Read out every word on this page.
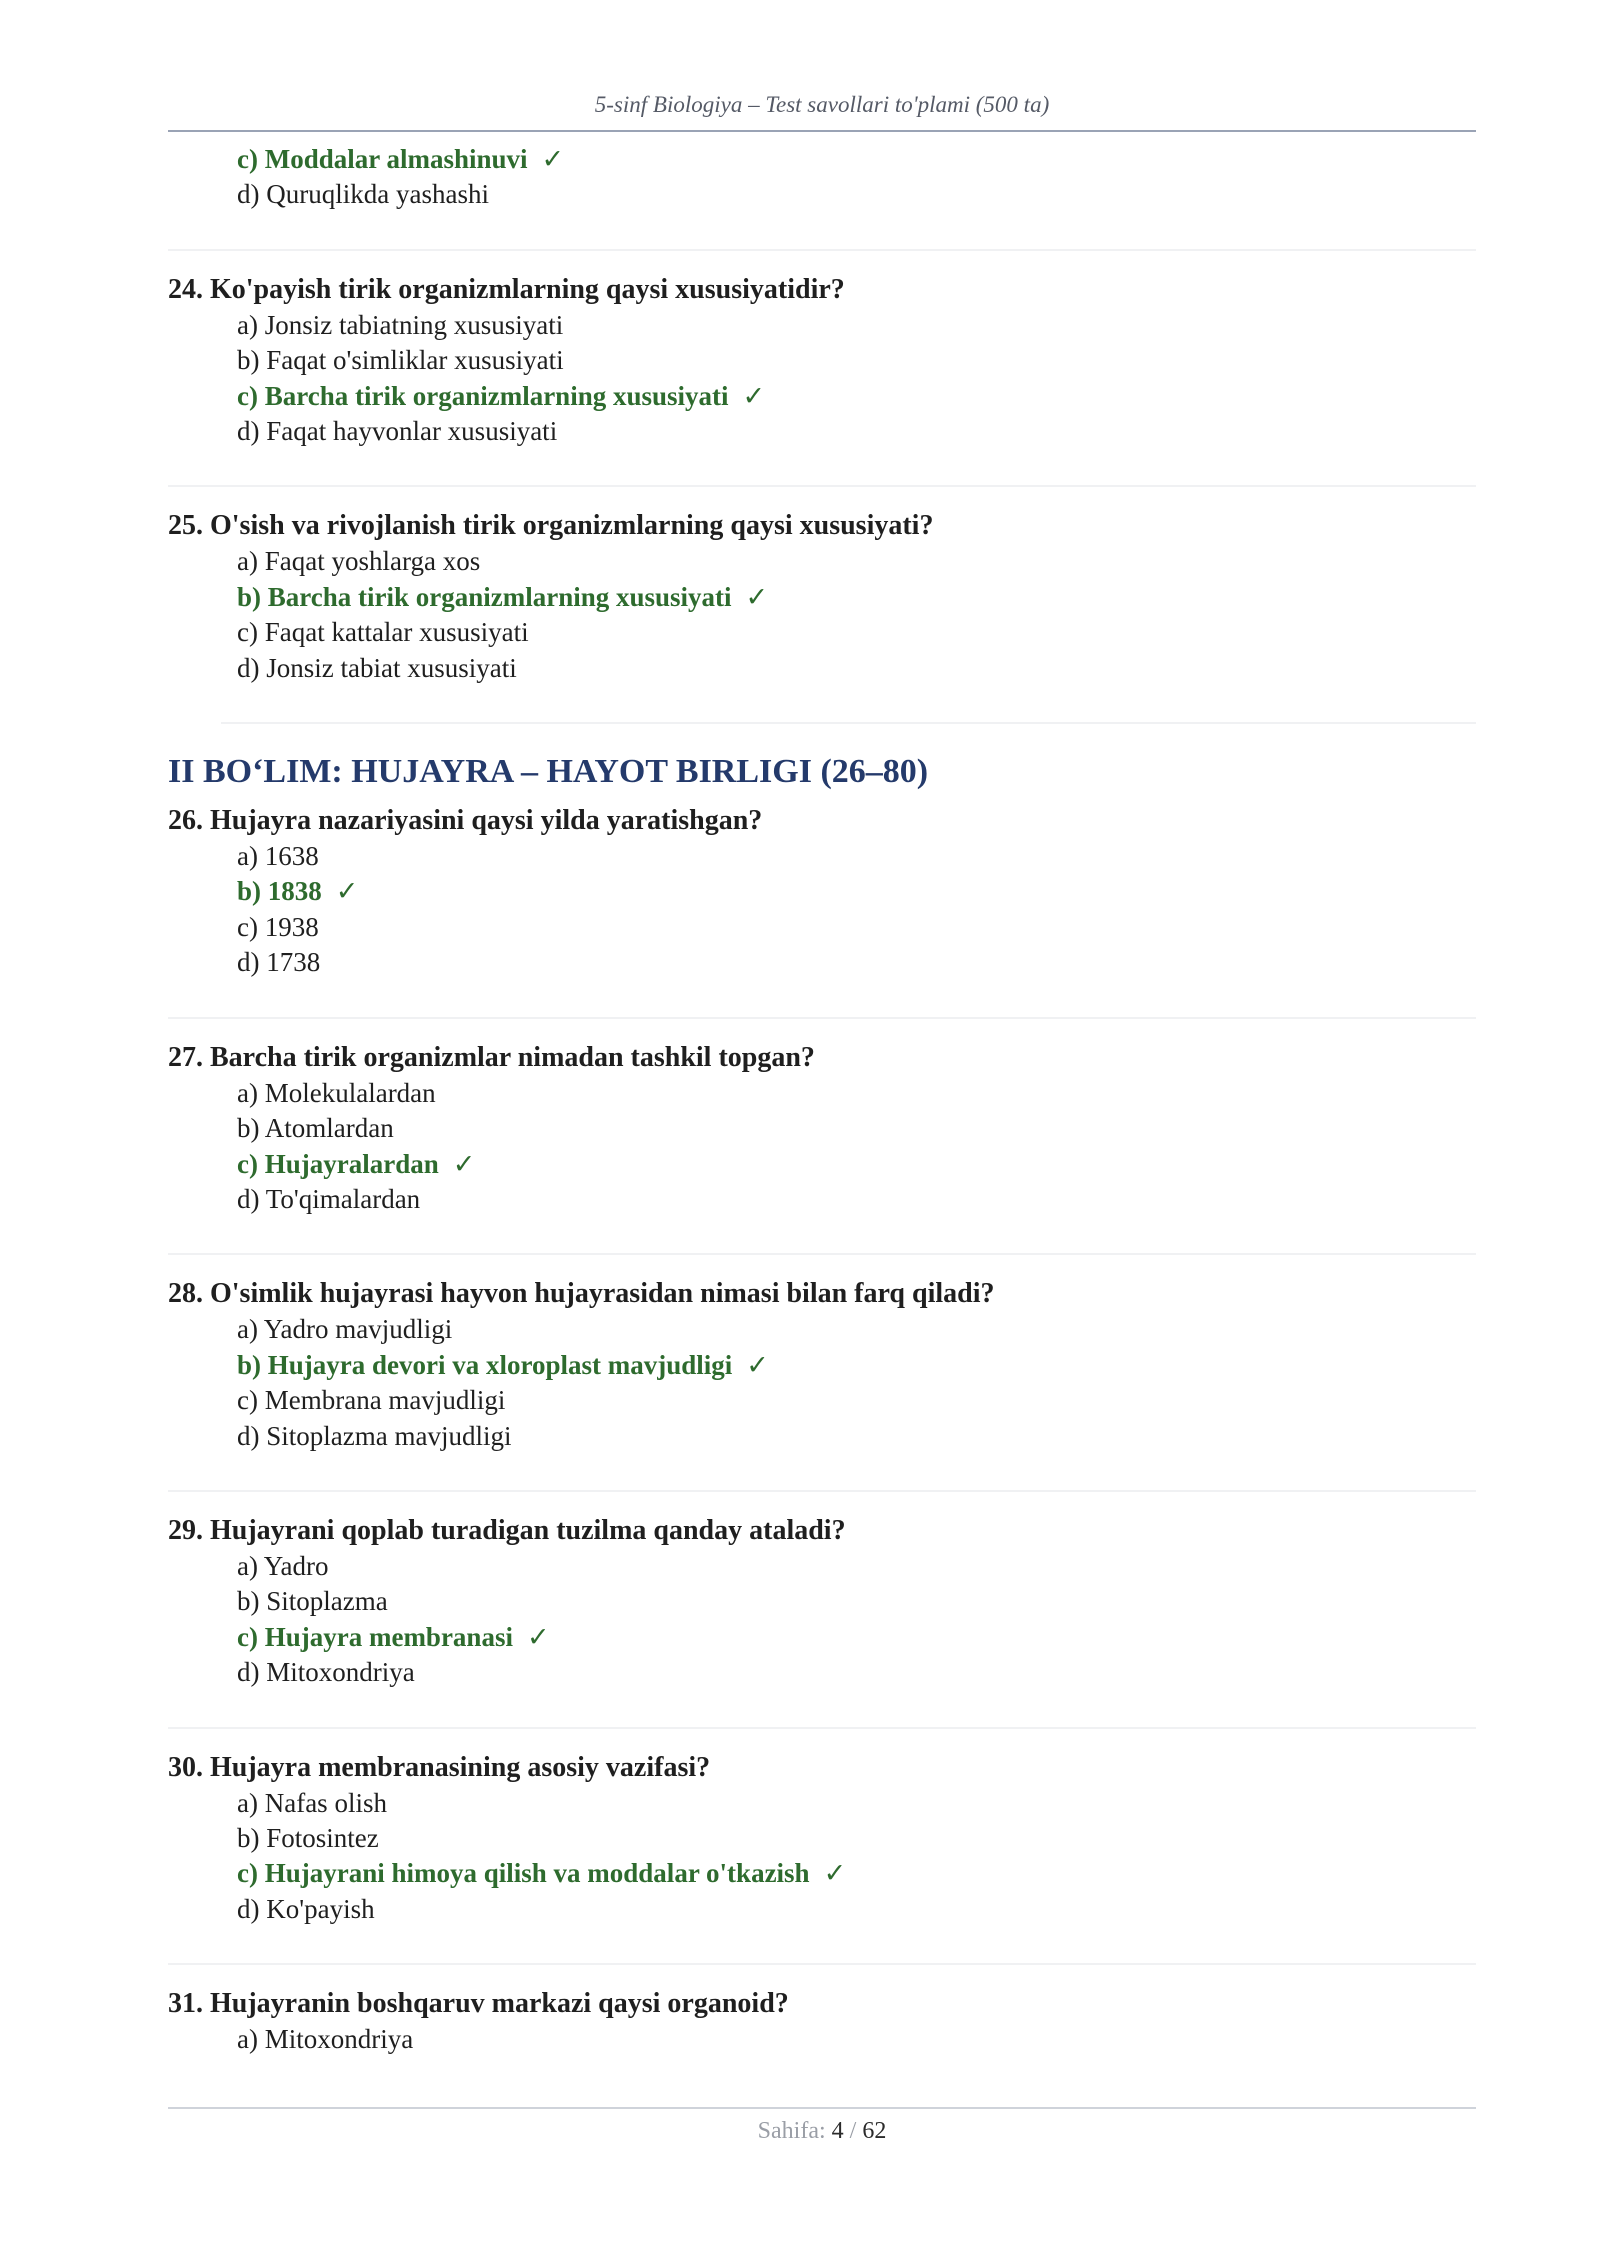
5-sinf Biologiya – Test savollari to'plami (500 ta)
c) Moddalar almashinuvi ✓
d) Quruqlikda yashashi
24. Ko'payish tirik organizmlarning qaysi xususiyatidir?
a) Jonsiz tabiatning xususiyati
b) Faqat o'simliklar xususiyati
c) Barcha tirik organizmlarning xususiyati ✓
d) Faqat hayvonlar xususiyati
25. O'sish va rivojlanish tirik organizmlarning qaysi xususiyati?
a) Faqat yoshlarga xos
b) Barcha tirik organizmlarning xususiyati ✓
c) Faqat kattalar xususiyati
d) Jonsiz tabiat xususiyati
II BO‘LIM: HUJAYRA – HAYOT BIRLIGI (26–80)
26. Hujayra nazariyasini qaysi yilda yaratishgan?
a) 1638
b) 1838 ✓
c) 1938
d) 1738
27. Barcha tirik organizmlar nimadan tashkil topgan?
a) Molekulalardan
b) Atomlardan
c) Hujayralardan ✓
d) To'qimalardan
28. O'simlik hujayrasi hayvon hujayrasidan nimasi bilan farq qiladi?
a) Yadro mavjudligi
b) Hujayra devori va xloroplast mavjudligi ✓
c) Membrana mavjudligi
d) Sitoplazma mavjudligi
29. Hujayrani qoplab turadigan tuzilma qanday ataladi?
a) Yadro
b) Sitoplazma
c) Hujayra membranasi ✓
d) Mitoxondriya
30. Hujayra membranasining asosiy vazifasi?
a) Nafas olish
b) Fotosintez
c) Hujayrani himoya qilish va moddalar o'tkazish ✓
d) Ko'payish
31. Hujayranin boshqaruv markazi qaysi organoid?
a) Mitoxondriya
Sahifa: 4 / 62
